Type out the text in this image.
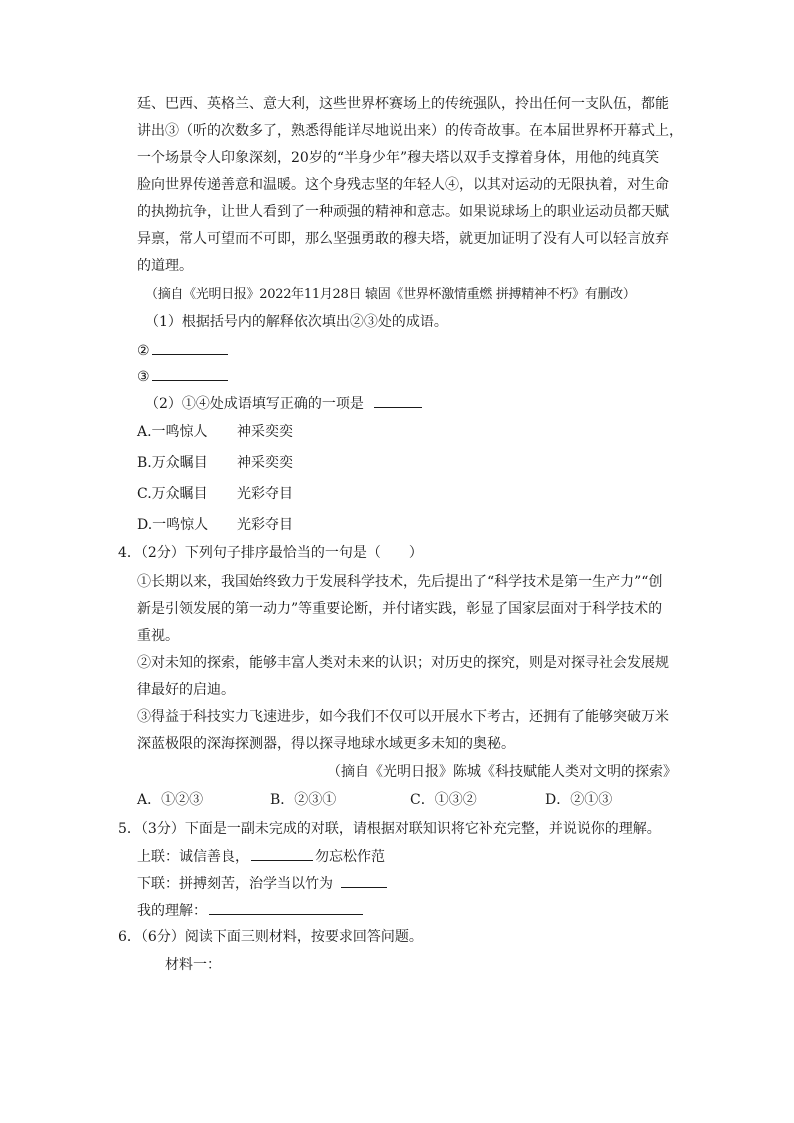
廷、巴西、英格兰、意大利，这些世界杯赛场上的传统强队，拎出任何一支队伍，都能
讲出③（听的次数多了，熟悉得能详尽地说出来）的传奇故事。在本届世界杯开幕式上，
一个场景令人印象深刻，20岁的“半身少年”穆夫塔以双手支撑着身体，用他的纯真笑
脸向世界传递善意和温暖。这个身残志坚的年轻人④，以其对运动的无限执着，对生命
的执拗抗争，让世人看到了一种顽强的精神和意志。如果说球场上的职业运动员都天赋
异禀，常人可望而不可即，那么坚强勇敢的穆夫塔，就更加证明了没有人可以轻言放弃
的道理。
（摘自《光明日报》2022年11月28日 辕固《世界杯激情重燃 拼搏精神不朽》有删改）
（1）根据括号内的解释依次填出②③处的成语。
②
③
（2）①④处成语填写正确的一项是
A.一鸣惊人 神采奕奕
B.万众瞩目 神采奕奕
C.万众瞩目 光彩夺目
D.一鸣惊人 光彩夺目
4．（2分）下列句子排序最恰当的一句是（　　）
①长期以来，我国始终致力于发展科学技术，先后提出了“科学技术是第一生产力”“创
新是引领发展的第一动力”等重要论断，并付诸实践，彰显了国家层面对于科学技术的
重视。
②对未知的探索，能够丰富人类对未来的认识；对历史的探究，则是对探寻社会发展规
律最好的启迪。
③得益于科技实力飞速进步，如今我们不仅可以开展水下考古，还拥有了能够突破万米
深蓝极限的深海探测器，得以探寻地球水域更多未知的奥秘。
（摘自《光明日报》陈城《科技赋能人类对文明的探索》
A．①②③	B．②③①	C．①③②	D．②①③
5．（3分）下面是一副未完成的对联，请根据对联知识将它补充完整，并说说你的理解。
上联：诚信善良，	勿忘松作范
下联：拼搏刻苦，治学当以竹为
我的理解：
6．（6分）阅读下面三则材料，按要求回答问题。
材料一：
